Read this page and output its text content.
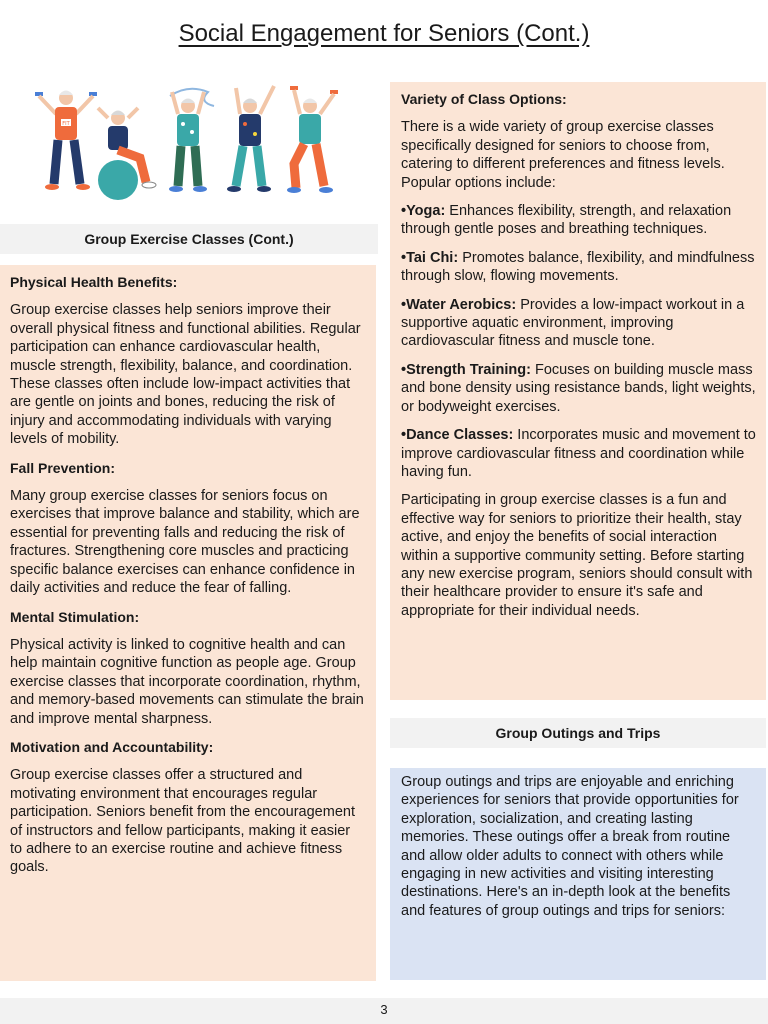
Social Engagement for Seniors (Cont.)
FIT
Group Exercise Classes (Cont.)
Physical Health Benefits:

Group exercise classes help seniors improve their overall physical fitness and functional abilities. Regular participation can enhance cardiovascular health, muscle strength, flexibility, balance, and coordination. These classes often include low-impact activities that are gentle on joints and bones, reducing the risk of injury and accommodating individuals with varying levels of mobility.

Fall Prevention:

Many group exercise classes for seniors focus on exercises that improve balance and stability, which are essential for preventing falls and reducing the risk of fractures. Strengthening core muscles and practicing specific balance exercises can enhance confidence in daily activities and reduce the fear of falling.

Mental Stimulation:

Physical activity is linked to cognitive health and can help maintain cognitive function as people age. Group exercise classes that incorporate coordination, rhythm, and memory-based movements can stimulate the brain and improve mental sharpness.

Motivation and Accountability:

Group exercise classes offer a structured and motivating environment that encourages regular participation. Seniors benefit from the encouragement of instructors and fellow participants, making it easier to adhere to an exercise routine and achieve fitness goals.

Variety of Class Options:

There is a wide variety of group exercise classes specifically designed for seniors to choose from, catering to different preferences and fitness levels. Popular options include:

•Yoga: Enhances flexibility, strength, and relaxation through gentle poses and breathing techniques.

•Tai Chi: Promotes balance, flexibility, and mindfulness through slow, flowing movements.

•Water Aerobics: Provides a low-impact workout in a supportive aquatic environment, improving cardiovascular fitness and muscle tone.

•Strength Training: Focuses on building muscle mass and bone density using resistance bands, light weights, or bodyweight exercises.

•Dance Classes: Incorporates music and movement to improve cardiovascular fitness and coordination while having fun.

Participating in group exercise classes is a fun and effective way for seniors to prioritize their health, stay active, and enjoy the benefits of social interaction within a supportive community setting. Before starting any new exercise program, seniors should consult with their healthcare provider to ensure it's safe and appropriate for their individual needs.

Group Outings and Trips

Group outings and trips are enjoyable and enriching experiences for seniors that provide opportunities for exploration, socialization, and creating lasting memories. These outings offer a break from routine and allow older adults to connect with others while engaging in new activities and visiting interesting destinations. Here's an in-depth look at the benefits and features of group outings and trips for seniors:

3
